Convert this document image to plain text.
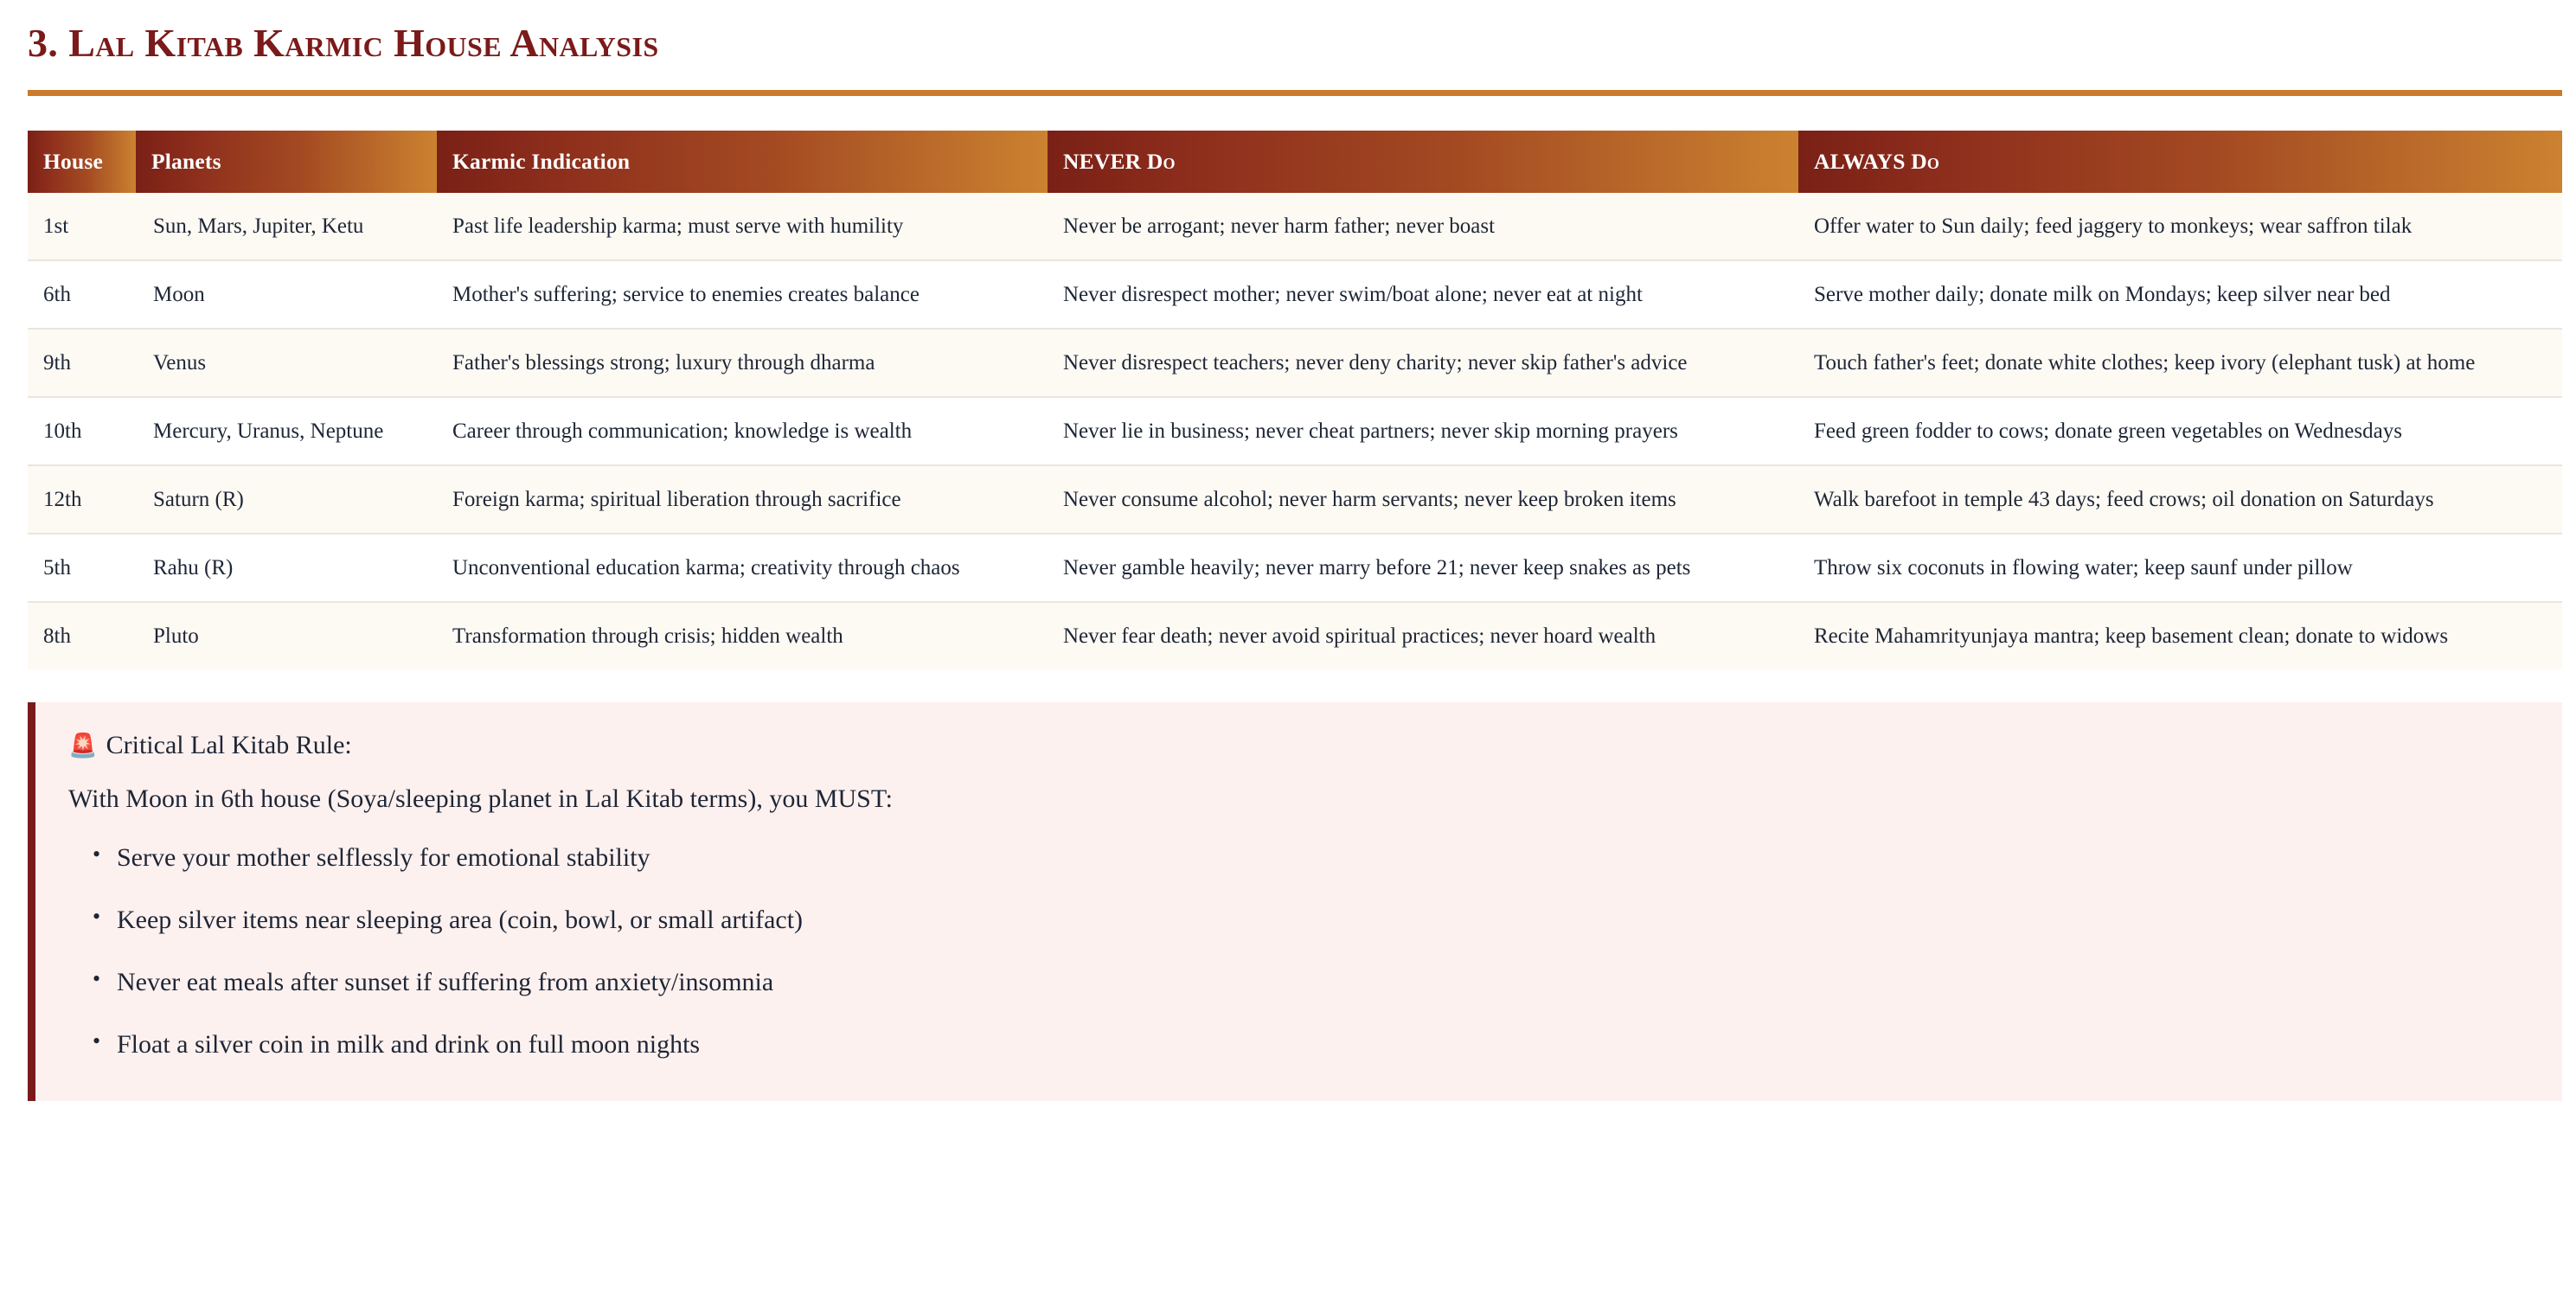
3. Lal Kitab Karmic House Analysis
House	Planets	Karmic Indication	NEVER Do	ALWAYS Do
1st	Sun, Mars, Jupiter, Ketu	Past life leadership karma; must serve with humility	Never be arrogant; never harm father; never boast	Offer water to Sun daily; feed jaggery to monkeys; wear saffron tilak
6th	Moon	Mother's suffering; service to enemies creates balance	Never disrespect mother; never swim/boat alone; never eat at night	Serve mother daily; donate milk on Mondays; keep silver near bed
9th	Venus	Father's blessings strong; luxury through dharma	Never disrespect teachers; never deny charity; never skip father's advice	Touch father's feet; donate white clothes; keep ivory (elephant tusk) at home
10th	Mercury, Uranus, Neptune	Career through communication; knowledge is wealth	Never lie in business; never cheat partners; never skip morning prayers	Feed green fodder to cows; donate green vegetables on Wednesdays
12th	Saturn (R)	Foreign karma; spiritual liberation through sacrifice	Never consume alcohol; never harm servants; never keep broken items	Walk barefoot in temple 43 days; feed crows; oil donation on Saturdays
5th	Rahu (R)	Unconventional education karma; creativity through chaos	Never gamble heavily; never marry before 21; never keep snakes as pets	Throw six coconuts in flowing water; keep saunf under pillow
8th	Pluto	Transformation through crisis; hidden wealth	Never fear death; never avoid spiritual practices; never hoard wealth	Recite Mahamrityunjaya mantra; keep basement clean; donate to widows
🚨 Critical Lal Kitab Rule:
With Moon in 6th house (Soya/sleeping planet in Lal Kitab terms), you MUST:
• Serve your mother selflessly for emotional stability
• Keep silver items near sleeping area (coin, bowl, or small artifact)
• Never eat meals after sunset if suffering from anxiety/insomnia
• Float a silver coin in milk and drink on full moon nights
